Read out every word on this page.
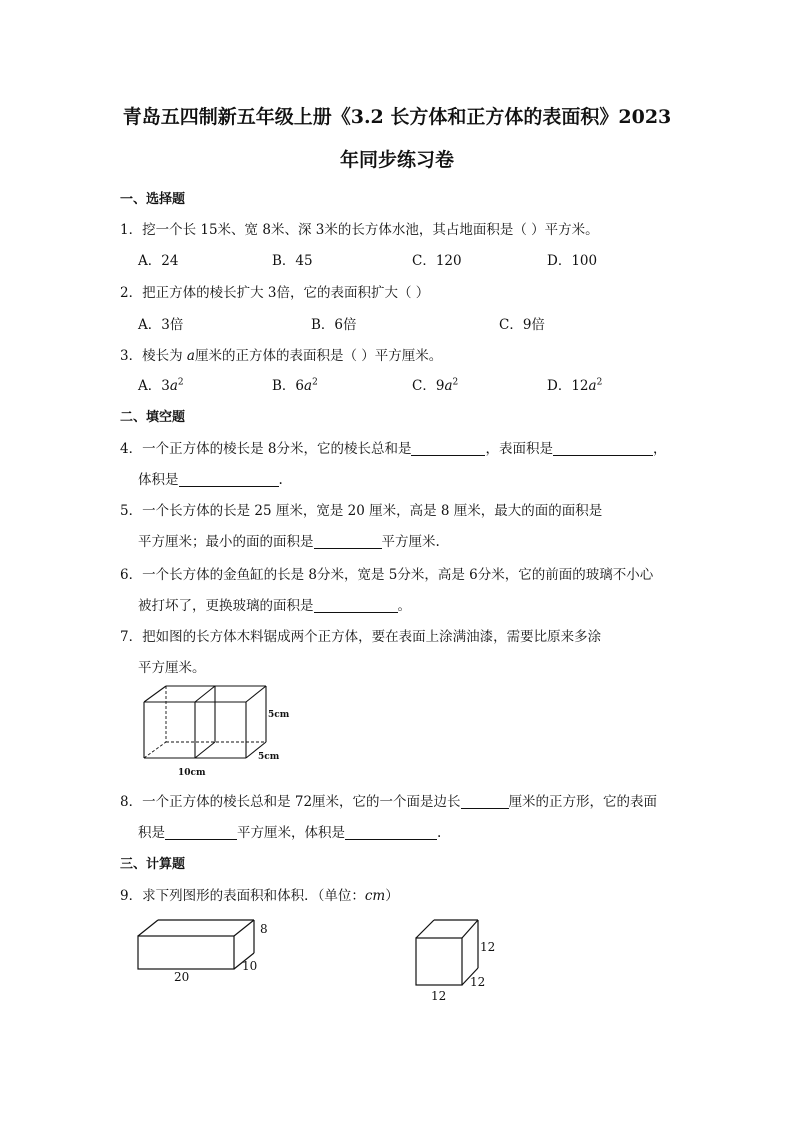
青岛五四制新五年级上册《3.2 长方体和正方体的表面积》2023
年同步练习卷
一、选择题
1．挖一个长 15米、宽 8米、深 3米的长方体水池，其占地面积是（ ）平方米。
A．24	B．45	C．120	D．100
2．把正方体的棱长扩大 3倍，它的表面积扩大（ ）
A．3倍	B．6倍	C．9倍
3．棱长为 a厘米的正方体的表面积是（ ）平方厘米。
A．$3a^2$	B．$6a^2$	C．$9a^2$	D．$12a^2$
二、填空题
4．一个正方体的棱长是 8分米，它的棱长总和是	，表面积是	，
体积是	.
5．一个长方体的长是 25 厘米，宽是 20 厘米，高是 8 厘米，最大的面的面积是
平方厘米；最小的面的面积是	平方厘米.
6．一个长方体的金鱼缸的长是 8分米，宽是 5分米，高是 6分米，它的前面的玻璃不小心
被打坏了，更换玻璃的面积是	。
7．把如图的长方体木料锯成两个正方体，要在表面上涂满油漆，需要比原来多涂
平方厘米。
5cm
5cm
10cm
8．一个正方体的棱长总和是 72厘米，它的一个面是边长	厘米的正方形，它的表面
积是	平方厘米，体积是	.
三、计算题
9．求下列图形的表面积和体积．（单位：cm）
8
10
20
12
12
12
